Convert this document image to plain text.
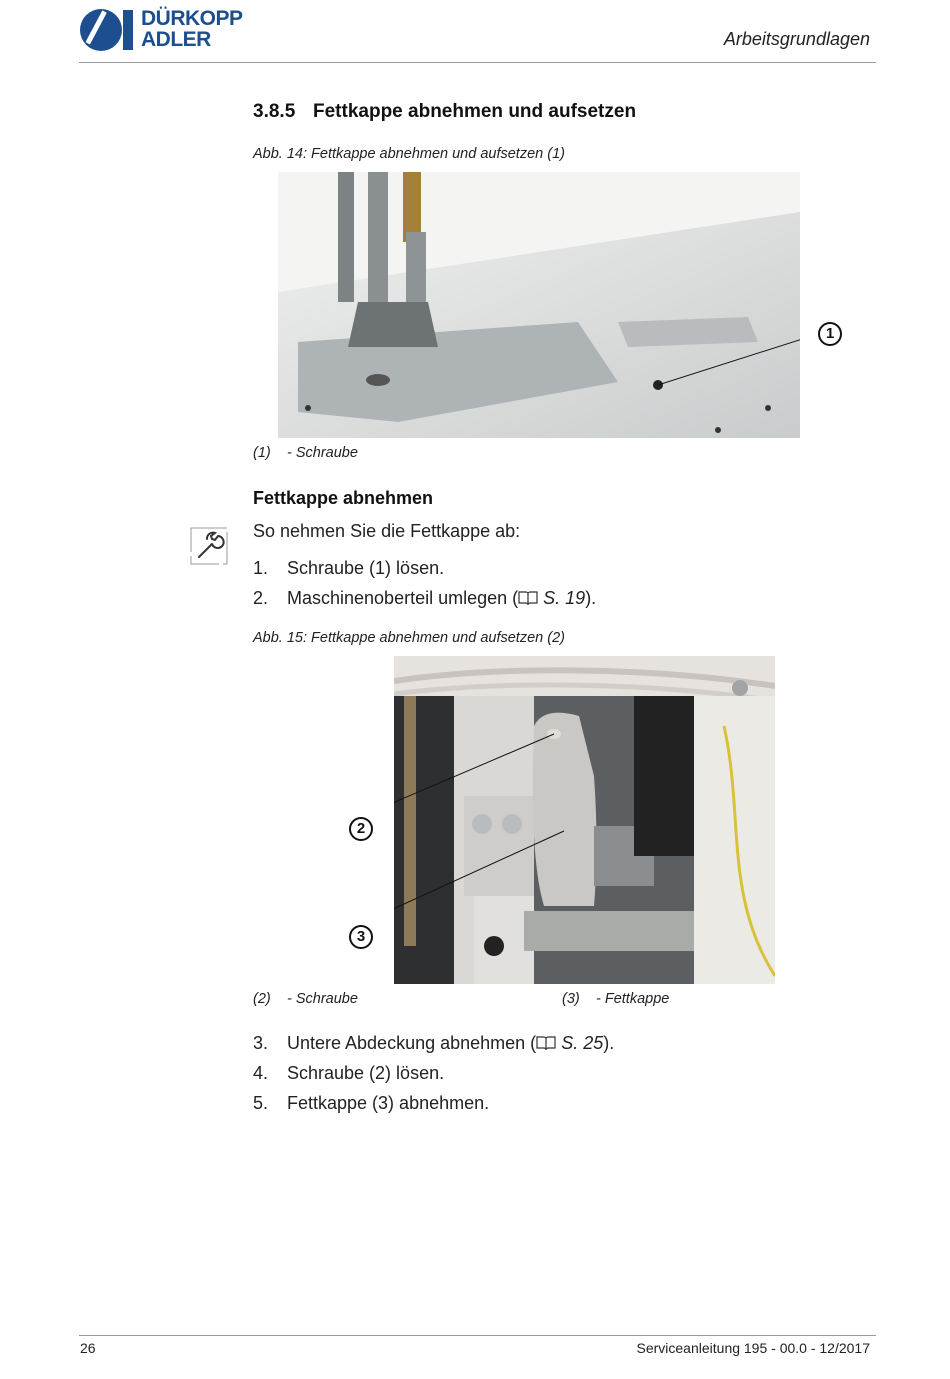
DÜRKOPP
ADLER	Arbeitsgrundlagen
3.8.5 Fettkappe abnehmen und aufsetzen
Abb. 14: Fettkappe abnehmen und aufsetzen (1)
1
(1) - Schraube
Fettkappe abnehmen
So nehmen Sie die Fettkappe ab:
1. Schraube (1) lösen.
2. Maschinenoberteil umlegen ( S. 19).
Abb. 15: Fettkappe abnehmen und aufsetzen (2)
2
3
(2) - Schraube	(3) - Fettkappe
3. Untere Abdeckung abnehmen ( S. 25).
4. Schraube (2) lösen.
5. Fettkappe (3) abnehmen.
26	Serviceanleitung 195 - 00.0 - 12/2017
